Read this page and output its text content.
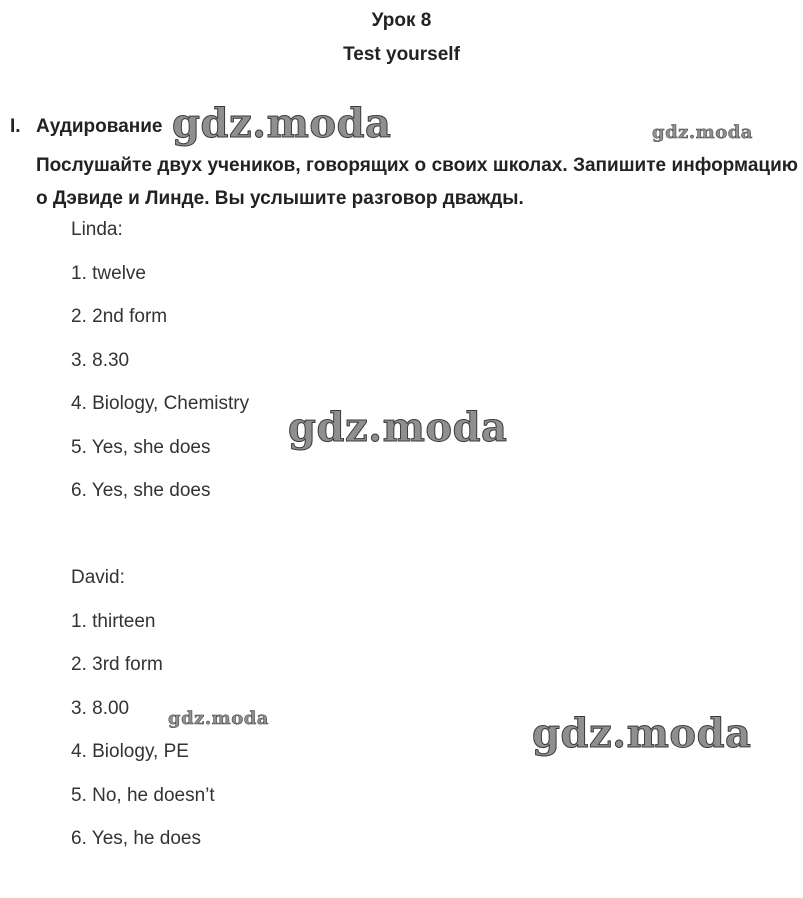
Урок 8
Test yourself
I. Аудирование
Послушайте двух учеников, говорящих о своих школах. Запишите информацию о Дэвиде и Линде. Вы услышите разговор дважды.
Linda:
1. twelve
2. 2nd form
3. 8.30
4. Biology, Chemistry
5. Yes, she does
6. Yes, she does
David:
1. thirteen
2. 3rd form
3. 8.00
4. Biology, PE
5. No, he doesn’t
6. Yes, he does
gdz.moda	gdz.moda
gdz.moda
gdz.moda	gdz.moda
